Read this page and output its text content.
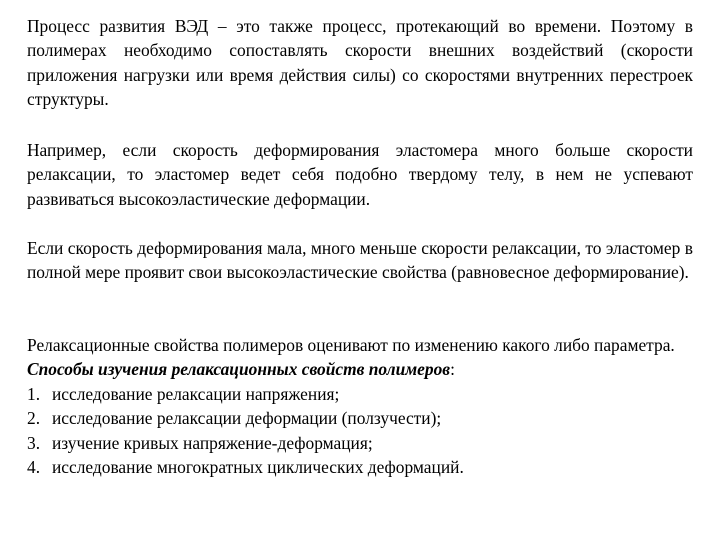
Процесс развития ВЭД – это также процесс, протекающий во времени. Поэтому в полимерах необходимо сопоставлять скорости внешних воздействий (скорости приложения нагрузки или время действия силы) со скоростями внутренних перестроек структуры.

Например, если скорость деформирования эластомера много больше скорости релаксации, то эластомер ведет себя подобно твердому телу, в нем не успевают развиваться высокоэластические деформации.

Если скорость деформирования мала, много меньше скорости релаксации, то эластомер в полной мере проявит свои высокоэластические свойства (равновесное деформирование).

Релаксационные свойства полимеров оценивают по изменению какого либо параметра.

Способы изучения релаксационных свойств полимеров:

1. исследование релаксации напряжения;
2. исследование релаксации деформации (ползучести);
3. изучение кривых напряжение-деформация;
4. исследование многократных циклических деформаций.
